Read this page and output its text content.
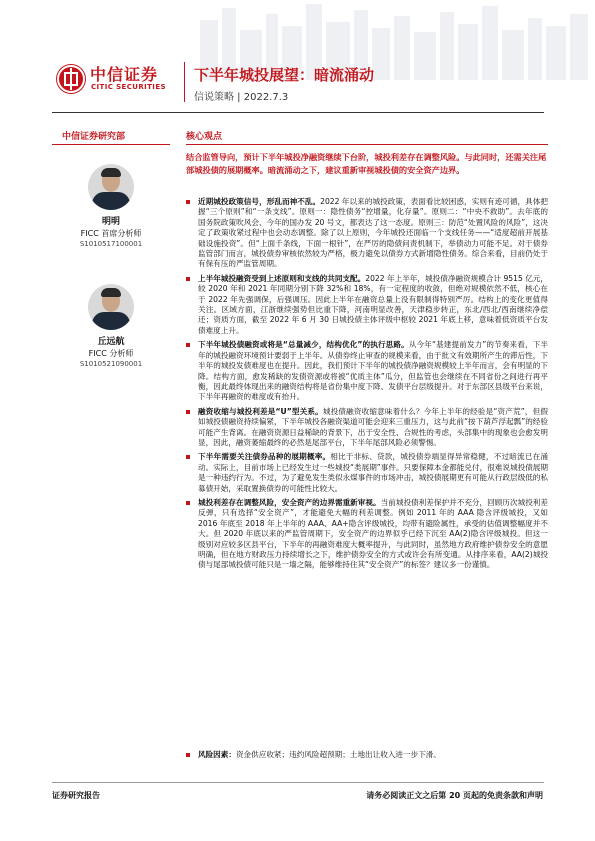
中信证券
CITIC SECURITIES
下半年城投展望：暗流涌动
信说策略 | 2022.7.3
中信证券研究部	核心观点
明明
FICC 首席分析师
S1010517100001
丘远航
FICC 分析师
S1010521090001
结合监管导向，预计下半年城投净融资继续下台阶，城投利差存在调整风险。与此同时，还需关注尾部城投债的展期概率。暗流涌动之下，建议重新审视城投债的安全资产边界。
近期城投政策信号，形乱而神不乱。2022 年以来的城投政策，表面看比较困惑，实则有迹可循，具体把握“三个原则”和“一条支线”。原则一：隐性债务“控增量，化存量”。原则二：“中央不救助”。去年底的国务院政策吹风会、今年的国办发 20 号文，都表达了这一态度。原则三：防范“处置风险的风险”，这决定了政策收紧过程中也会动态调整。除了以上原则，今年城投还面临一个支线任务——“适度超前开展基础设施投资”。但“上面千条线，下面一根针”，在严厉的隐债问责机制下，举债动力可能不足。对于债券监管部门而言，城投债券审核依然较为严格，极力避免以债券方式新增隐性债务。综合来看，目前仍处于有保有压的严监管周期。
上半年城投融资受到上述原则和支线的共同支配。2022 年上半年，城投债净融资规模合计 9515 亿元，较 2020 年和 2021 年同期分别下降 32%和 18%，有一定程度的收敛，但绝对规模依然不低，核心在于 2022 年先强调保，后强调压。因此上半年在融资总量上没有限制得特别严厉。结构上的变化更值得关注。区域方面，江浙继续强势但比重下降，河南明显改善，天津稳步转正，东北/西北/西南继续净偿还；资质方面，截至 2022 年 6 月 30 日城投债主体评级中枢较 2021 年底上移，意味着低资质平台发债难度上升。
下半年城投债融资或将是“总量减少，结构优化”的执行思路。从今年“基建提前发力”的节奏来看，下半年的城投融资环境预计要弱于上半年。从债券终止审查的规模来看，由于批文有效期所产生的滞后性，下半年的城投发债难度也在提升。因此，我们预计下半年的城投债净融资规模较上半年而言，会有明显的下降。结构方面，愈发稀缺的发债资源或将被“优质主体”瓜分，但监管也会继续在不同省份之间进行再平衡，因此最终体现出来的融资结构将是省份集中度下降、发债平台层级提升。对于东部区县级平台来说，下半年再融资的难度或有抬升。
融资收缩与城投利差是“U”型关系。城投债融资收缩意味着什么？今年上半年的经验是“资产荒”，但假如城投债融资持续偏紧，下半年城投各融资渠道可能会迎来三重压力，这与此前“按下葫芦浮起瓢”的经验可能产生背离。在融资资源日益稀缺的背景下，出于安全性、合规性的考虑，头部集中的现象也会愈发明显，因此，融资萎缩最终的必然是尾部平台，下半年尾部风险必须警惕。
下半年需要关注债券品种的展期概率。相比于非标、贷款，城投债券端显得异常稳健，不过暗流已在涌动。实际上，目前市场上已经发生过一些城投“类展期”事件。只要保障本金都能兑付，很难说城投债展期是一种违约行为。不过，为了避免发生类似永煤事件的市场冲击，城投债展期更有可能从行政层级低的私募债开始，采取置换债券的可能性比较大。
城投利差存在调整风险，安全资产的边界需重新审视。当前城投债利差保护并不充分，回顾历次城投利差反弹，只有选择“安全资产”，才能避免大幅的利差调整。例如 2011 年的 AAA 隐含评级城投，又如 2016 年底至 2018 年上半年的 AAA、AA+隐含评级城投，均带有避险属性，承受的估值调整幅度并不大。但 2020 年底以来的严监管周期下，安全资产的边界似乎已经下沉至 AA(2)隐含评级城投。但这一级别对应较多区县平台，下半年的再融资难度大概率提升，与此同时，虽然地方政府维护债券安全的意愿明确，但在地方财政压力持续增长之下，维护债券安全的方式或许会有所变通。从排序来看，AA(2)城投债与尾部城投债可能只是一墙之隔，能够维持住其“安全资产”的标签？建议多一份谨慎。
风险因素：资金供应收紧；违约风险超预期；土地出让收入进一步下滑。
证券研究报告	请务必阅读正文之后第 20 页起的免责条款和声明
